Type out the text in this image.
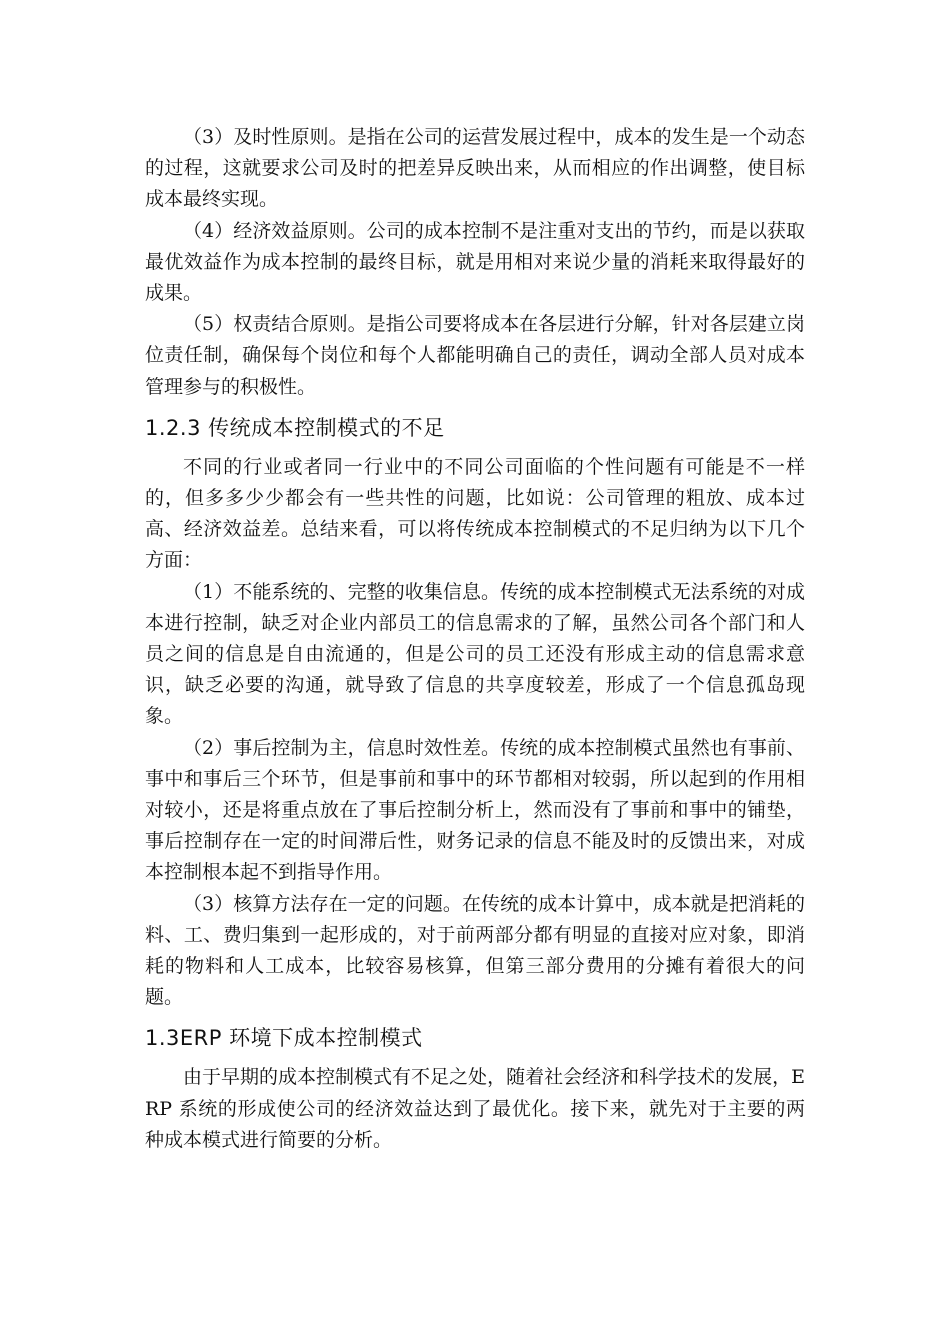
（3）及时性原则。是指在公司的运营发展过程中，成本的发生是一个动态的过程，这就要求公司及时的把差异反映出来，从而相应的作出调整，使目标成本最终实现。

（4）经济效益原则。公司的成本控制不是注重对支出的节约，而是以获取最优效益作为成本控制的最终目标，就是用相对来说少量的消耗来取得最好的成果。

（5）权责结合原则。是指公司要将成本在各层进行分解，针对各层建立岗位责任制，确保每个岗位和每个人都能明确自己的责任，调动全部人员对成本管理参与的积极性。

1.2.3 传统成本控制模式的不足

不同的行业或者同一行业中的不同公司面临的个性问题有可能是不一样的，但多多少少都会有一些共性的问题，比如说：公司管理的粗放、成本过高、经济效益差。总结来看，可以将传统成本控制模式的不足归纳为以下几个方面：

（1）不能系统的、完整的收集信息。传统的成本控制模式无法系统的对成本进行控制，缺乏对企业内部员工的信息需求的了解，虽然公司各个部门和人员之间的信息是自由流通的，但是公司的员工还没有形成主动的信息需求意识，缺乏必要的沟通，就导致了信息的共享度较差，形成了一个信息孤岛现象。

（2）事后控制为主，信息时效性差。传统的成本控制模式虽然也有事前、事中和事后三个环节，但是事前和事中的环节都相对较弱，所以起到的作用相对较小，还是将重点放在了事后控制分析上，然而没有了事前和事中的铺垫，事后控制存在一定的时间滞后性，财务记录的信息不能及时的反馈出来，对成本控制根本起不到指导作用。

（3）核算方法存在一定的问题。在传统的成本计算中，成本就是把消耗的料、工、费归集到一起形成的，对于前两部分都有明显的直接对应对象，即消耗的物料和人工成本，比较容易核算，但第三部分费用的分摊有着很大的问题。

1.3ERP 环境下成本控制模式

由于早期的成本控制模式有不足之处，随着社会经济和科学技术的发展，ERP 系统的形成使公司的经济效益达到了最优化。接下来，就先对于主要的两种成本模式进行简要的分析。
